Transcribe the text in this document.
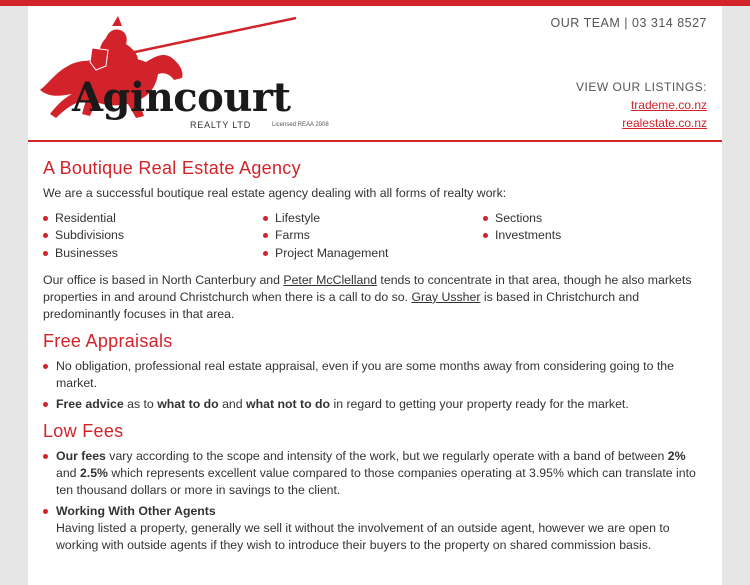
Agincourt
REALTY LTD	Licensed REAA 2008
OUR TEAM | 03 314 8527
VIEW OUR LISTINGS:
trademe.co.nz
realestate.co.nz
A Boutique Real Estate Agency

We are a successful boutique real estate agency dealing with all forms of realty work:

Residential
Subdivisions
Businesses
Lifestyle
Farms
Project Management
Sections
Investments

Our office is based in North Canterbury and Peter McClelland tends to concentrate in that area, though he also markets properties in and around Christchurch when there is a call to do so. Gray Ussher is based in Christchurch and predominantly focuses in that area.

Free Appraisals
No obligation, professional real estate appraisal, even if you are some months away from considering going to the market.
Free advice as to what to do and what not to do in regard to getting your property ready for the market.
Low Fees
Our fees vary according to the scope and intensity of the work, but we regularly operate with a band of between 2% and 2.5% which represents excellent value compared to those companies operating at 3.95% which can translate into ten thousand dollars or more in savings to the client.
Working With Other Agents
Having listed a property, generally we sell it without the involvement of an outside agent, however we are open to working with outside agents if they wish to introduce their buyers to the property on shared commission basis.
